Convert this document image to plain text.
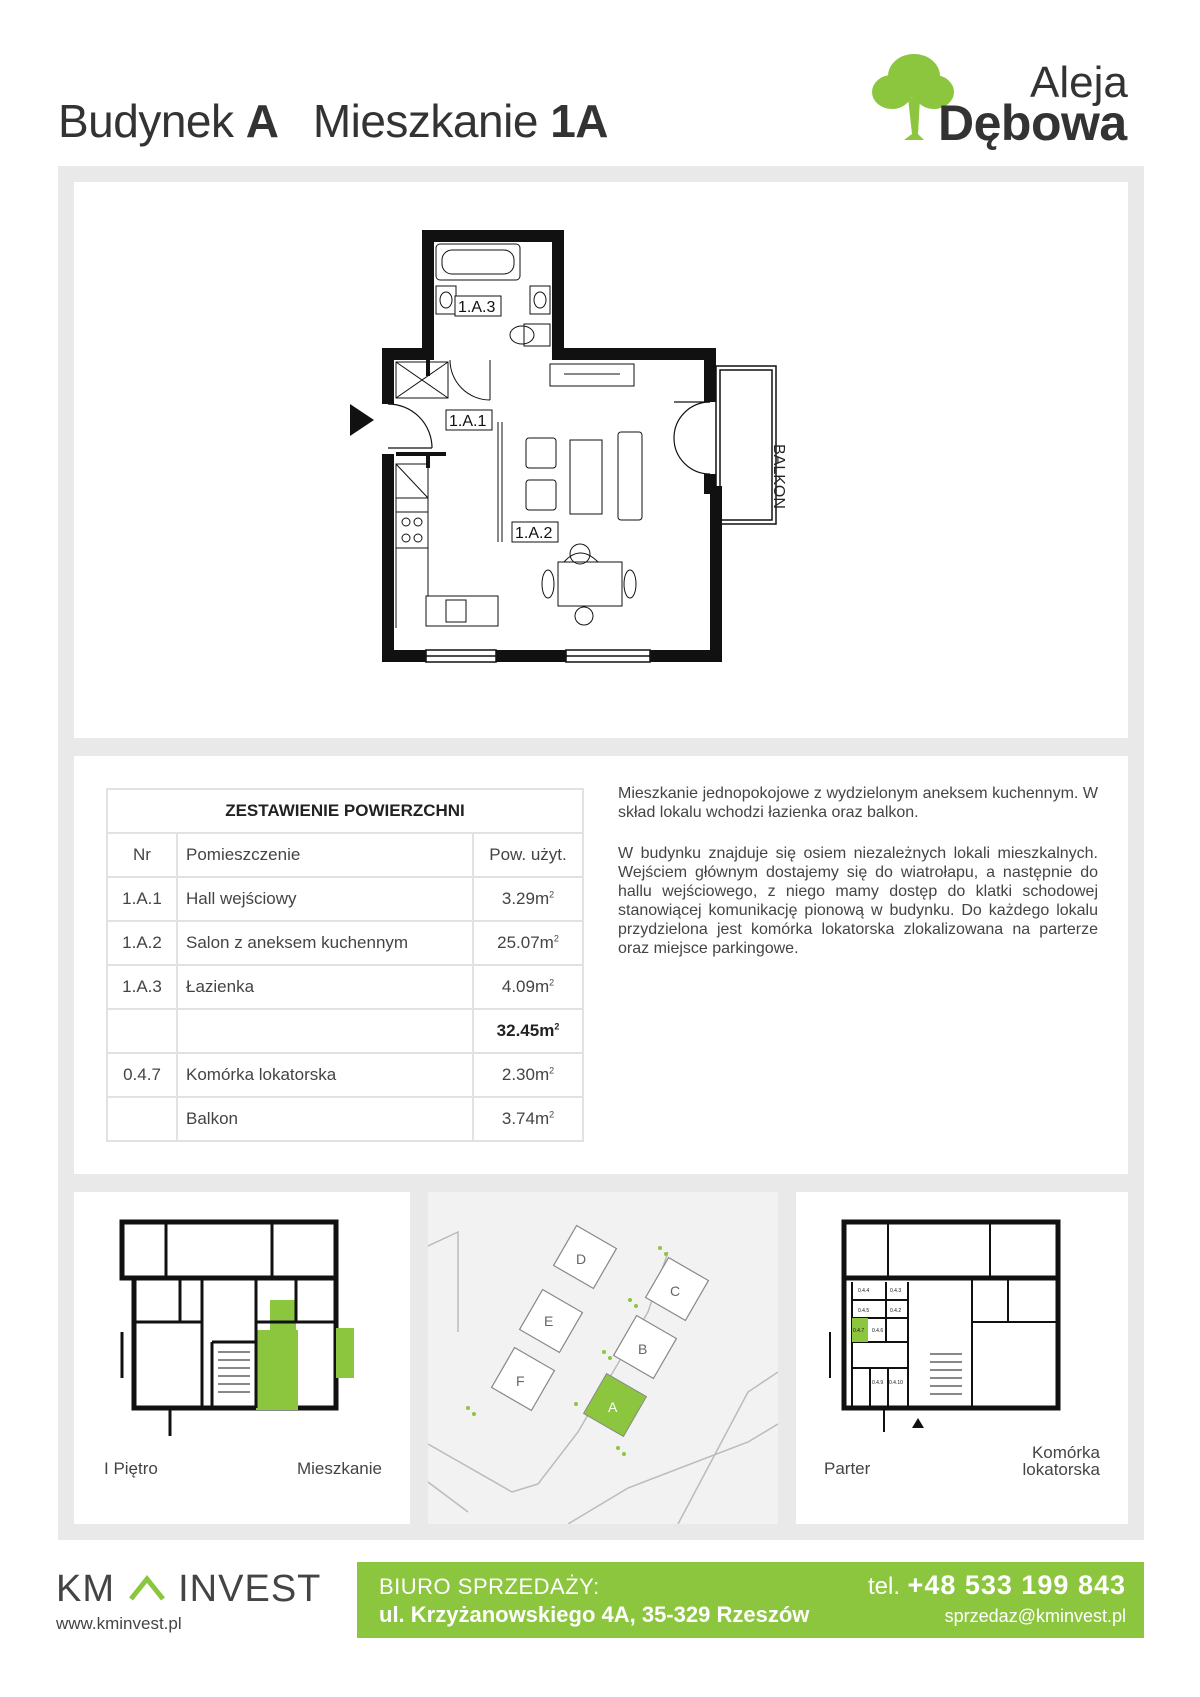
Budynek A Mieszkanie 1A
Aleja
Dębowa
BALKON
1.A.3
1.A.1
1.A.2
ZESTAWIENIE POWIERZCHNI		
Nr	Pomieszczenie	Pow. użyt.
1.A.1	Hall wejściowy	$3.29m^2$
1.A.2	Salon z aneksem kuchennym	$25.07m^2$
1.A.3	Łazienka	$4.09m^2$
		$32.45m^2$
0.4.7	Komórka lokatorska	$2.30m^2$
	Balkon	$3.74m^2$

Mieszkanie jednopokojowe z wydzielonym aneksem kuchennym. W skład lokalu wchodzi łazienka oraz balkon.

W budynku znajduje się osiem niezależnych lokali mieszkalnych. Wejściem głównym dostajemy się do wiatrołapu, a następnie do hallu wejściowego, z niego mamy dostęp do klatki schodowej stanowiącej komunikację pionową w budynku. Do każdego lokalu przydzielona jest komórka lokatorska zlokalizowana na parterze oraz miejsce parkingowe.

I Piętro	Mieszkanie
D
C
E
B
F
A
0.4.4	0.4.3
0.4.5	0.4.2
0.4.7 0.4.6
0.4.9 0.4.10
Parter
Komórka
lokatorska
KM INVEST
www.kminvest.pl
BIURO SPRZEDAŻY:
ul. Krzyżanowskiego 4A, 35-329 Rzeszów
tel. +48 533 199 843
sprzedaz@kminvest.pl
